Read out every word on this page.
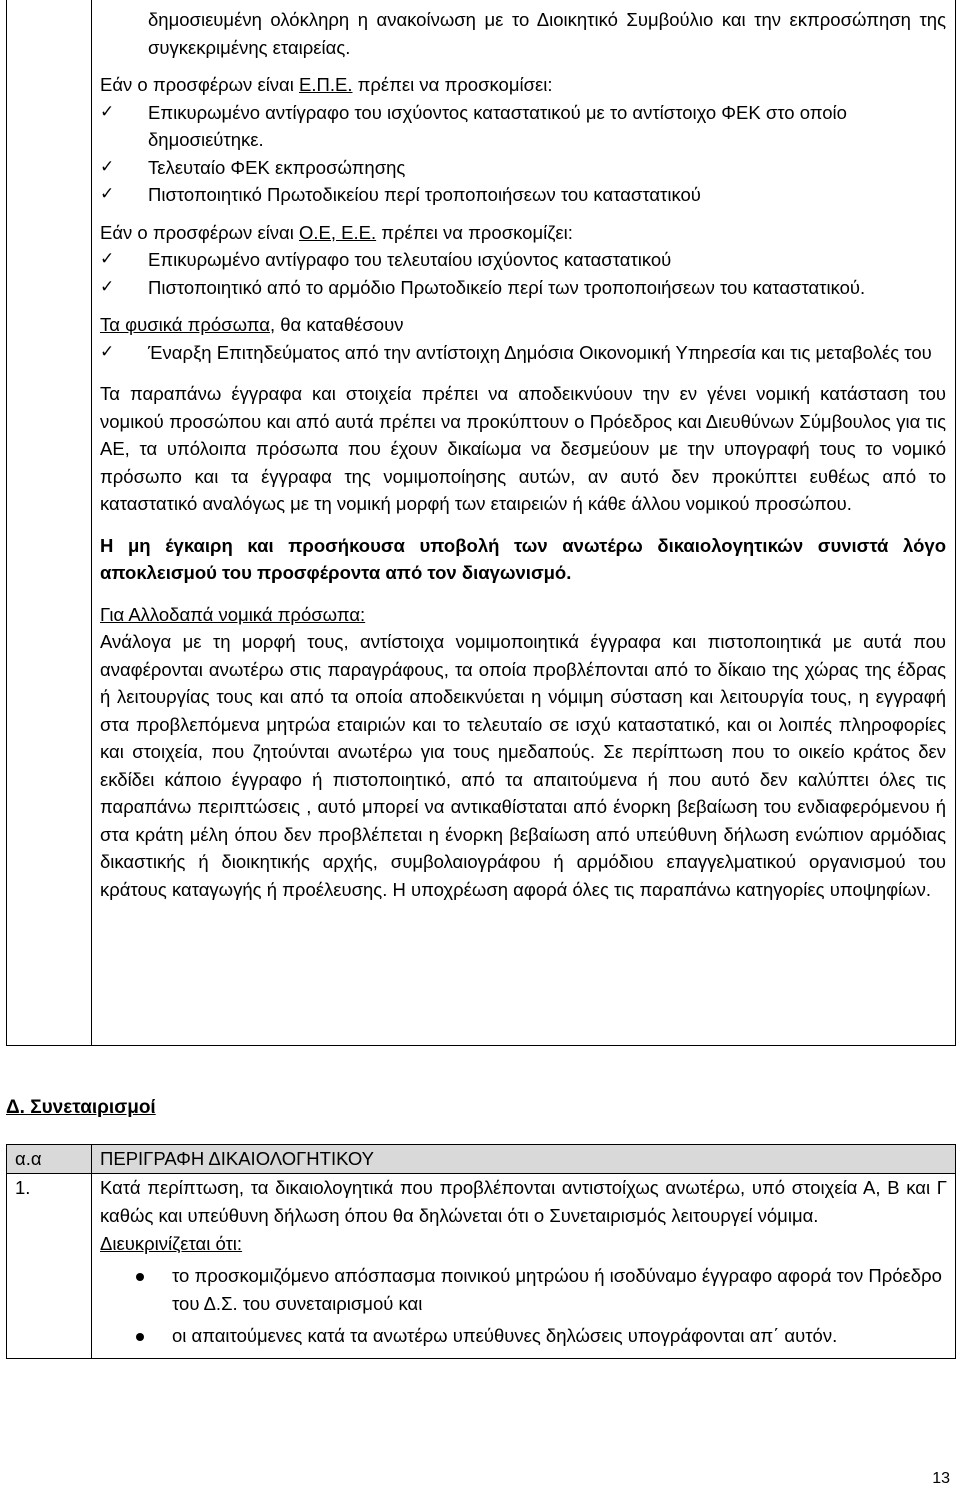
δημοσιευμένη ολόκληρη η ανακοίνωση με το Διοικητικό Συμβούλιο και την εκπροσώπηση της συγκεκριμένης εταιρείας.

Εάν ο προσφέρων είναι Ε.Π.Ε. πρέπει να προσκομίσει:

✓ Επικυρωμένο αντίγραφο του ισχύοντος καταστατικού με το αντίστοιχο ΦΕΚ στο οποίο δημοσιεύτηκε.
✓ Τελευταίο ΦΕΚ εκπροσώπησης
✓ Πιστοποιητικό Πρωτοδικείου περί τροποποιήσεων του καταστατικού

Εάν ο προσφέρων είναι Ο.Ε, Ε.Ε. πρέπει να προσκομίζει:

✓ Επικυρωμένο αντίγραφο του τελευταίου ισχύοντος καταστατικού
✓ Πιστοποιητικό από το αρμόδιο Πρωτοδικείο περί των τροποποιήσεων του καταστατικού.

Τα φυσικά πρόσωπα, θα καταθέσουν

✓ Έναρξη Επιτηδεύματος από την αντίστοιχη Δημόσια Οικονομική Υπηρεσία και τις μεταβολές του

Τα παραπάνω έγγραφα και στοιχεία πρέπει να αποδεικνύουν την εν γένει νομική κατάσταση του νομικού προσώπου και από αυτά πρέπει να προκύπτουν ο Πρόεδρος και Διευθύνων Σύμβουλος για τις ΑΕ, τα υπόλοιπα πρόσωπα που έχουν δικαίωμα να δεσμεύουν με την υπογραφή τους το νομικό πρόσωπο και τα έγγραφα της νομιμοποίησης αυτών, αν αυτό δεν προκύπτει ευθέως από το καταστατικό αναλόγως με τη νομική μορφή των εταιρειών ή κάθε άλλου νομικού προσώπου.

Η μη έγκαιρη και προσήκουσα υποβολή των ανωτέρω δικαιολογητικών συνιστά λόγο αποκλεισμού του προσφέροντα από τον διαγωνισμό.

Για Αλλοδαπά νομικά πρόσωπα:

Ανάλογα με τη μορφή τους, αντίστοιχα νομιμοποιητικά έγγραφα και πιστοποιητικά με αυτά που αναφέρονται ανωτέρω στις παραγράφους, τα οποία προβλέπονται από το δίκαιο της χώρας της έδρας ή λειτουργίας τους και από τα οποία αποδεικνύεται η νόμιμη σύσταση και λειτουργία τους, η εγγραφή στα προβλεπόμενα μητρώα εταιριών και το τελευταίο σε ισχύ καταστατικό, και οι λοιπές πληροφορίες και στοιχεία, που ζητούνται ανωτέρω για τους ημεδαπούς. Σε περίπτωση που το οικείο κράτος δεν εκδίδει κάποιο έγγραφο ή πιστοποιητικό, από τα απαιτούμενα ή που αυτό δεν καλύπτει όλες τις παραπάνω περιπτώσεις , αυτό μπορεί να αντικαθίσταται από ένορκη βεβαίωση του ενδιαφερόμενου ή στα κράτη μέλη όπου δεν προβλέπεται η ένορκη βεβαίωση από υπεύθυνη δήλωση ενώπιον αρμόδιας δικαστικής ή διοικητικής αρχής, συμβολαιογράφου ή αρμόδιου επαγγελματικού οργανισμού του κράτους καταγωγής ή προέλευσης. Η υποχρέωση αφορά όλες τις παραπάνω κατηγορίες υποψηφίων.

Δ. Συνεταιρισμοί

α.α	ΠΕΡΙΓΡΑΦΗ ΔΙΚΑΙΟΛΟΓΗΤΙΚΟΥ
1.	Κατά περίπτωση, τα δικαιολογητικά που προβλέπονται αντιστοίχως ανωτέρω, υπό στοιχεία Α, Β και Γ καθώς και υπεύθυνη δήλωση όπου θα δηλώνεται ότι ο Συνεταιρισμός λειτουργεί νόμιμα.
Διευκρινίζεται ότι:
το προσκομιζόμενο απόσπασμα ποινικού μητρώου ή ισοδύναμο έγγραφο αφορά τον Πρόεδρο του Δ.Σ. του συνεταιρισμού και
οι απαιτούμενες κατά τα ανωτέρω υπεύθυνες δηλώσεις υπογράφονται απ΄ αυτόν.
13
